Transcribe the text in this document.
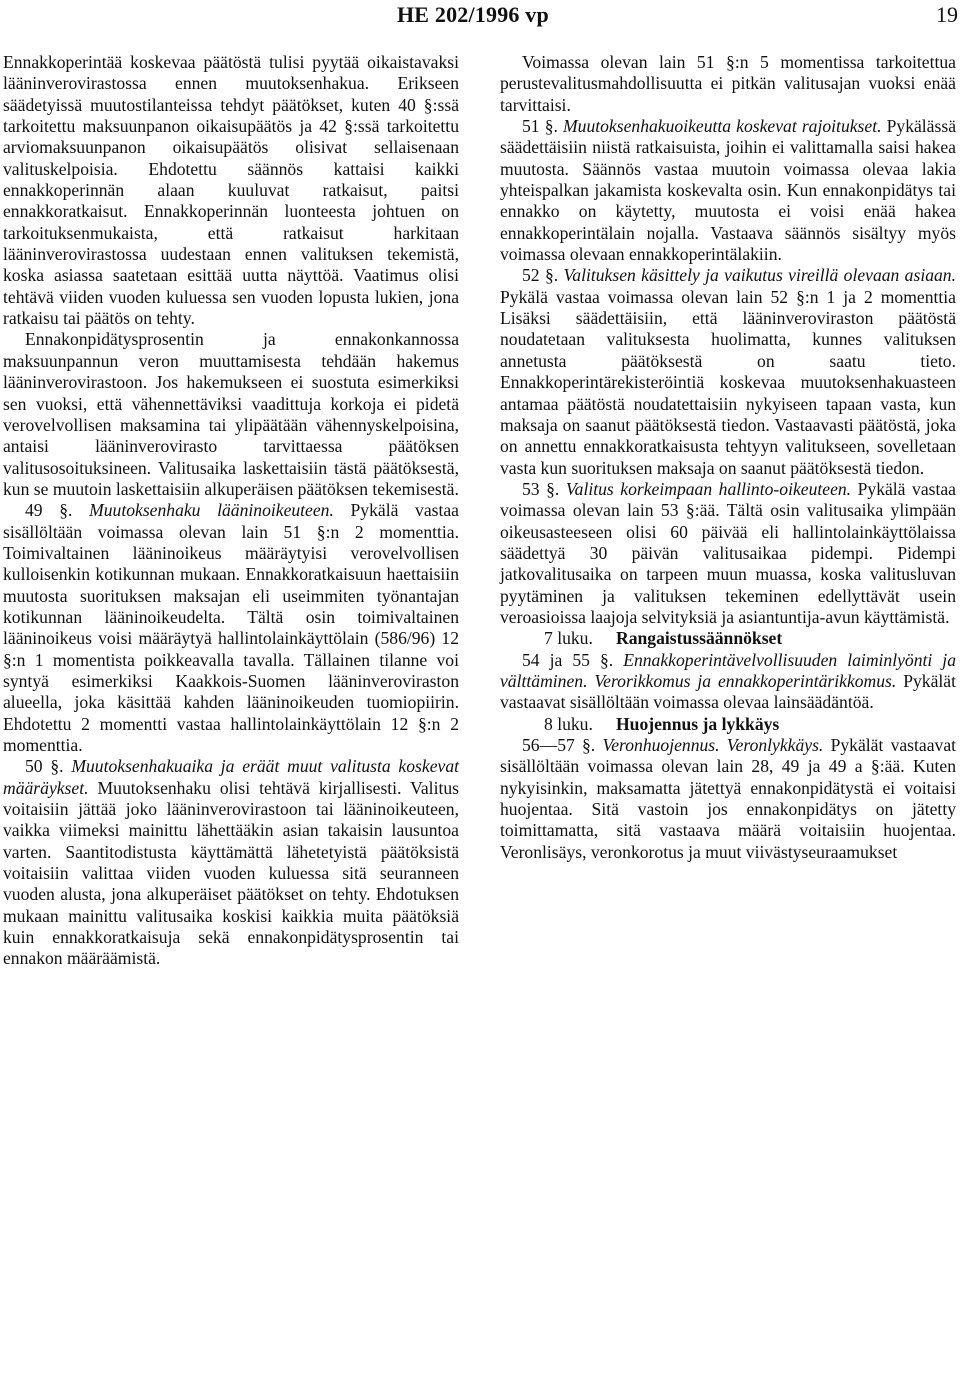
HE 202/1996 vp	19

Ennakkoperintää koskevaa päätöstä tulisi pyytää oikaistavaksi lääninverovirastossa ennen muutoksenhakua. Erikseen säädetyissä muutostilanteissa tehdyt päätökset, kuten 40 §:ssä tarkoitettu maksuunpanon oikaisupäätös ja 42 §:ssä tarkoitettu arviomaksuunpanon oikaisupäätös olisivat sellaisenaan valituskelpoisia. Ehdotettu säännös kattaisi kaikki ennakkoperinnän alaan kuuluvat ratkaisut, paitsi ennakkoratkaisut. Ennakkoperinnän luonteesta johtuen on tarkoituksenmukaista, että ratkaisut harkitaan lääninverovirastossa uudestaan ennen valituksen tekemistä, koska asiassa saatetaan esittää uutta näyttöä. Vaatimus olisi tehtävä viiden vuoden kuluessa sen vuoden lopusta lukien, jona ratkaisu tai päätös on tehty.

Ennakonpidätysprosentin ja ennakonkannossa maksuunpannun veron muuttamisesta tehdään hakemus lääninverovirastoon. Jos hakemukseen ei suostuta esimerkiksi sen vuoksi, että vähennettäviksi vaadittuja korkoja ei pidetä verovelvollisen maksamina tai ylipäätään vähennyskelpoisina, antaisi lääninverovirasto tarvittaessa päätöksen valitusosoituksineen. Valitusaika laskettaisiin tästä päätöksestä, kun se muutoin laskettaisiin alkuperäisen päätöksen tekemisestä.

49 §. Muutoksenhaku lääninoikeuteen. Pykälä vastaa sisällöltään voimassa olevan lain 51 §:n 2 momenttia. Toimivaltainen lääninoikeus määräytyisi verovelvollisen kulloisenkin kotikunnan mukaan. Ennakkoratkaisuun haettaisiin muutosta suorituksen maksajan eli useimmiten työnantajan kotikunnan lääninoikeudelta. Tältä osin toimivaltainen lääninoikeus voisi määräytyä hallintolainkäyttölain (586/96) 12 §:n 1 momentista poikkeavalla tavalla. Tällainen tilanne voi syntyä esimerkiksi Kaakkois-Suomen lääninveroviraston alueella, joka käsittää kahden lääninoikeuden tuomiopiirin. Ehdotettu 2 momentti vastaa hallintolainkäyttölain 12 §:n 2 momenttia.

50 §. Muutoksenhakuaika ja eräät muut valitusta koskevat määräykset. Muutoksenhaku olisi tehtävä kirjallisesti. Valitus voitaisiin jättää joko lääninverovirastoon tai lääninoikeuteen, vaikka viimeksi mainittu lähettääkin asian takaisin lausuntoa varten. Saantitodistusta käyttämättä lähetetyistä päätöksistä voitaisiin valittaa viiden vuoden kuluessa sitä seuranneen vuoden alusta, jona alkuperäiset päätökset on tehty. Ehdotuksen mukaan mainittu valitusaika koskisi kaikkia muita päätöksiä kuin ennakkoratkaisuja sekä ennakonpidätysprosentin tai ennakon määräämistä.

Voimassa olevan lain 51 §:n 5 momentissa tarkoitettua perustevalitusmahdollisuutta ei pitkän valitusajan vuoksi enää tarvittaisi.

51 §. Muutoksenhakuoikeutta koskevat rajoitukset. Pykälässä säädettäisiin niistä ratkaisuista, joihin ei valittamalla saisi hakea muutosta. Säännös vastaa muutoin voimassa olevaa lakia yhteispalkan jakamista koskevalta osin. Kun ennakonpidätys tai ennakko on käytetty, muutosta ei voisi enää hakea ennakkoperintälain nojalla. Vastaava säännös sisältyy myös voimassa olevaan ennakkoperintälakiin.

52 §. Valituksen käsittely ja vaikutus vireillä olevaan asiaan. Pykälä vastaa voimassa olevan lain 52 §:n 1 ja 2 momenttia Lisäksi säädettäisiin, että lääninveroviraston päätöstä noudatetaan valituksesta huolimatta, kunnes valituksen annetusta päätöksestä on saatu tieto. Ennakkoperintärekisteröintiä koskevaa muutoksenhakuasteen antamaa päätöstä noudatettaisiin nykyiseen tapaan vasta, kun maksaja on saanut päätöksestä tiedon. Vastaavasti päätöstä, joka on annettu ennakkoratkaisusta tehtyyn valitukseen, sovelletaan vasta kun suorituksen maksaja on saanut päätöksestä tiedon.

53 §. Valitus korkeimpaan hallinto-oikeuteen. Pykälä vastaa voimassa olevan lain 53 §:ää. Tältä osin valitusaika ylimpään oikeusasteeseen olisi 60 päivää eli hallintolainkäyttölaissa säädettyä 30 päivän valitusaikaa pidempi. Pidempi jatkovalitusaika on tarpeen muun muassa, koska valitusluvan pyytäminen ja valituksen tekeminen edellyttävät usein veroasioissa laajoja selvityksiä ja asiantuntija-avun käyttämistä.

7 luku. Rangaistussäännökset

54 ja 55 §. Ennakkoperintävelvollisuuden laiminlyönti ja välttäminen. Verorikkomus ja ennakkoperintärikkomus. Pykälät vastaavat sisällöltään voimassa olevaa lainsäädäntöä.

8 luku. Huojennus ja lykkäys

56—57 §. Veronhuojennus. Veronlykkäys. Pykälät vastaavat sisällöltään voimassa olevan lain 28, 49 ja 49 a §:ää. Kuten nykyisinkin, maksamatta jätettyä ennakonpidätystä ei voitaisi huojentaa. Sitä vastoin jos ennakonpidätys on jätetty toimittamatta, sitä vastaava määrä voitaisiin huojentaa. Veronlisäys, veronkorotus ja muut viivästyseuraamukset
